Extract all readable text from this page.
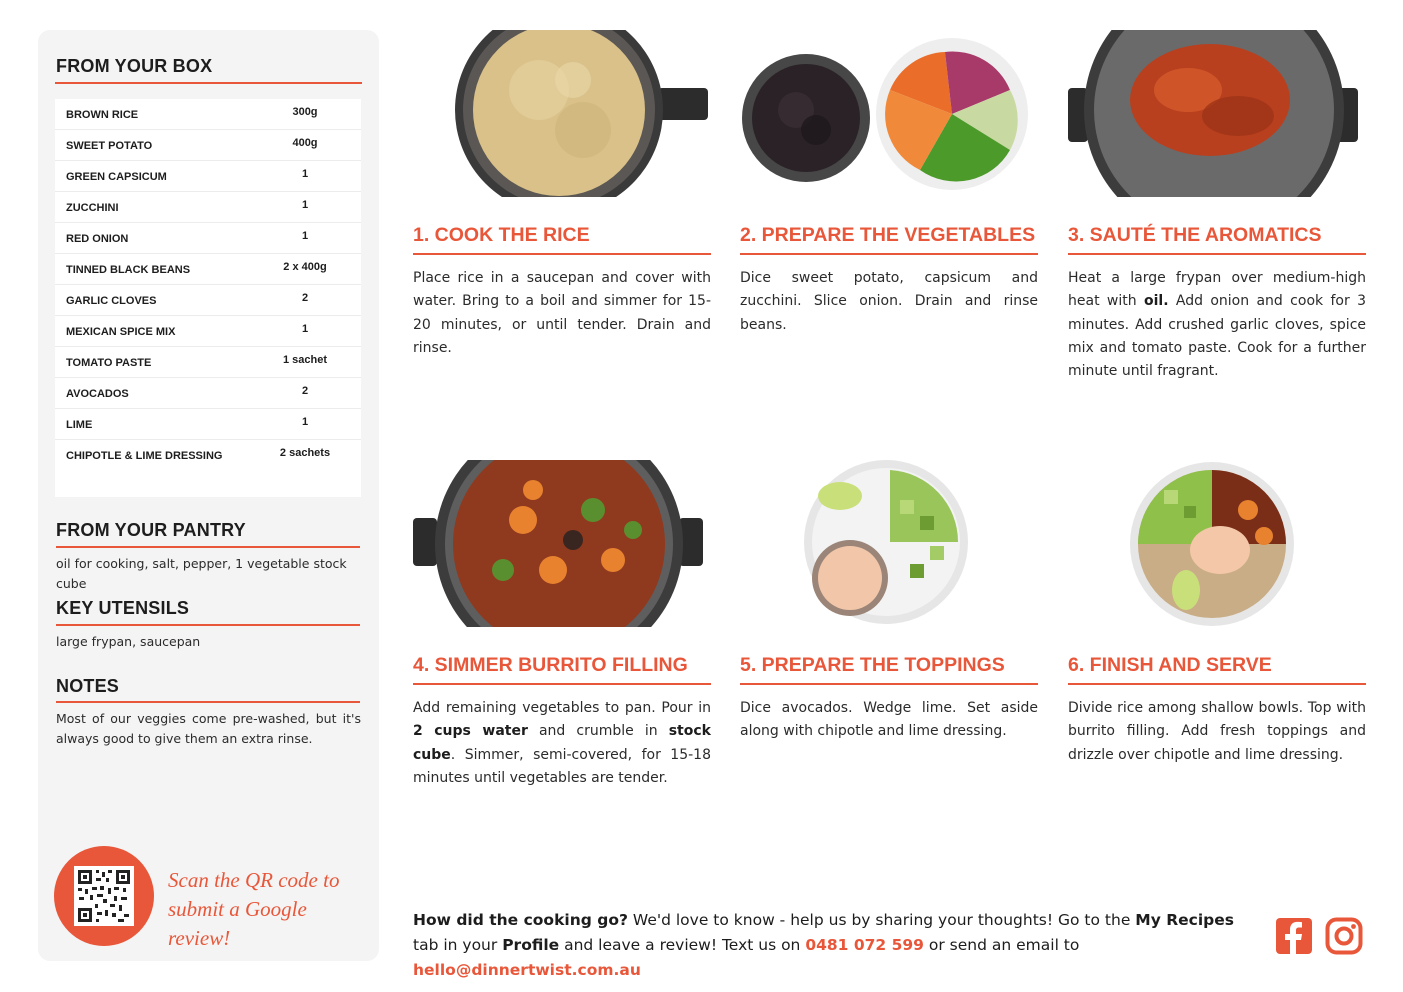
FROM YOUR BOX
BROWN RICE	300g
SWEET POTATO	400g
GREEN CAPSICUM	1
ZUCCHINI	1
RED ONION	1
TINNED BLACK BEANS	2 x 400g
GARLIC CLOVES	2
MEXICAN SPICE MIX	1
TOMATO PASTE	1 sachet
AVOCADOS	2
LIME	1
CHIPOTLE & LIME DRESSING	2 sachets
FROM YOUR PANTRY
oil for cooking, salt, pepper, 1 vegetable stock cube
KEY UTENSILS
large frypan, saucepan
NOTES
Most of our veggies come pre-washed, but it's always good to give them an extra rinse.
Scan the QR code to
submit a Google review!
1. COOK THE RICE
Place rice in a saucepan and cover with water. Bring to a boil and simmer for 15-20 minutes, or until tender. Drain and rinse.
2. PREPARE THE VEGETABLES
Dice sweet potato, capsicum and zucchini. Slice onion. Drain and rinse beans.
3. SAUTÉ THE AROMATICS
Heat a large frypan over medium-high heat with oil. Add onion and cook for 3 minutes. Add crushed garlic cloves, spice mix and tomato paste. Cook for a further minute until fragrant.
4. SIMMER BURRITO FILLING
Add remaining vegetables to pan. Pour in 2 cups water and crumble in stock cube. Simmer, semi-covered, for 15-18 minutes until vegetables are tender.
5. PREPARE THE TOPPINGS
Dice avocados. Wedge lime. Set aside along with chipotle and lime dressing.
6. FINISH AND SERVE
Divide rice among shallow bowls. Top with burrito filling. Add fresh toppings and drizzle over chipotle and lime dressing.
How did the cooking go? We'd love to know - help us by sharing your thoughts! Go to the My Recipes tab in your Profile and leave a review! Text us on 0481 072 599 or send an email to hello@dinnertwist.com.au
